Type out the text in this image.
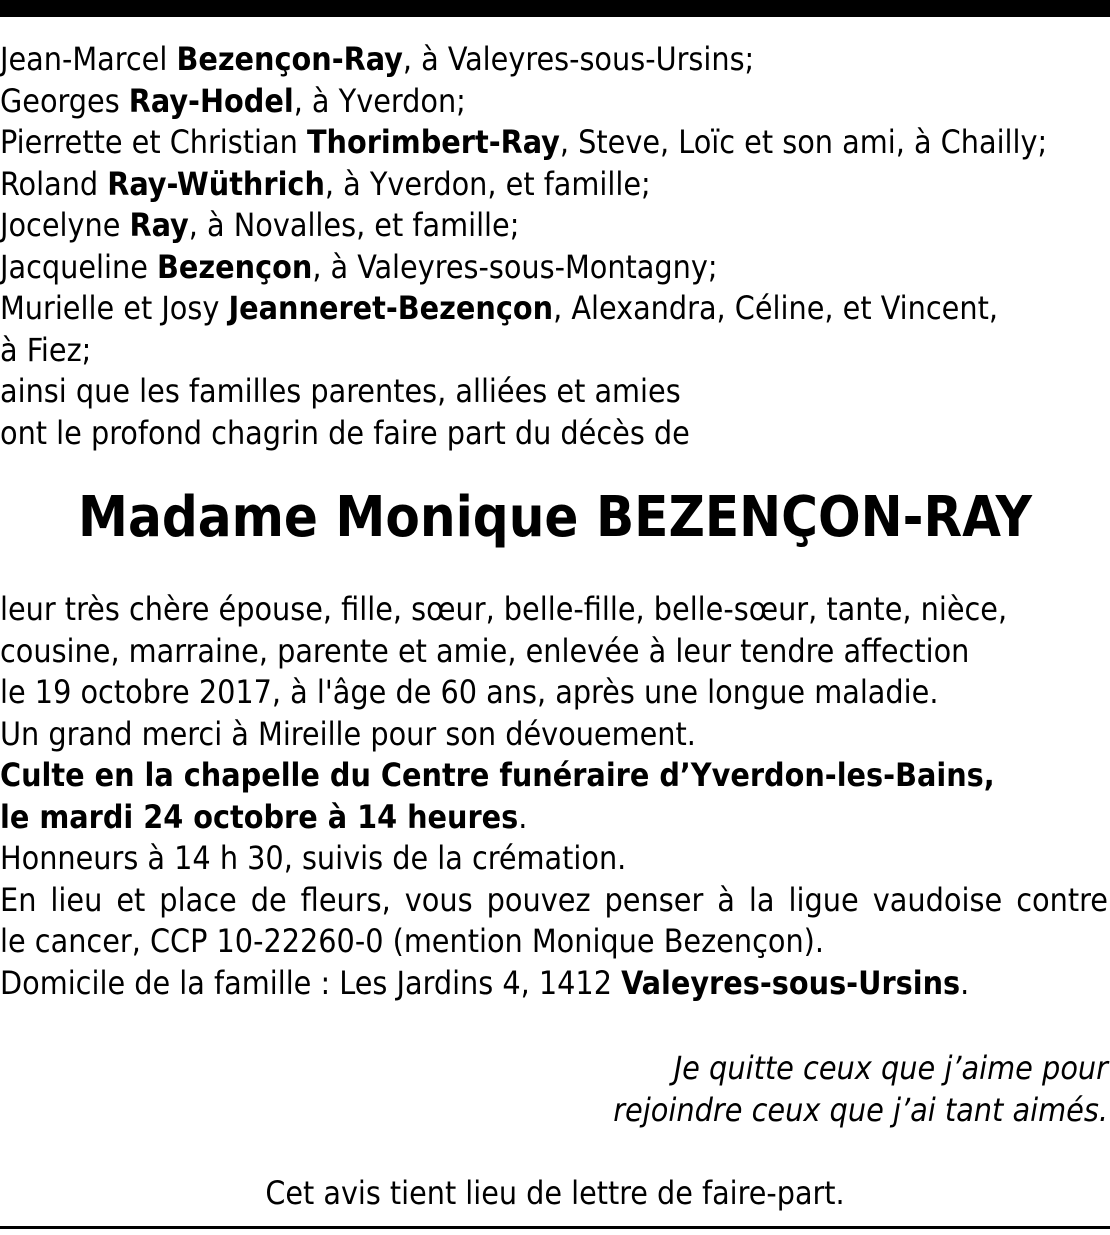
Jean-Marcel Bezençon-Ray, à Valeyres-sous-Ursins;
Georges Ray-Hodel, à Yverdon;
Pierrette et Christian Thorimbert-Ray, Steve, Loïc et son ami, à Chailly;
Roland Ray-Wüthrich, à Yverdon, et famille;
Jocelyne Ray, à Novalles, et famille;
Jacqueline Bezençon, à Valeyres-sous-Montagny;
Murielle et Josy Jeanneret-Bezençon, Alexandra, Céline, et Vincent,
à Fiez;
ainsi que les familles parentes, alliées et amies
ont le profond chagrin de faire part du décès de
Madame Monique BEZENÇON-RAY
leur très chère épouse, fille, sœur, belle-fille, belle-sœur, tante, nièce,
cousine, marraine, parente et amie, enlevée à leur tendre affection
le 19 octobre 2017, à l'âge de 60 ans, après une longue maladie.
Un grand merci à Mireille pour son dévouement.
Culte en la chapelle du Centre funéraire d’Yverdon-les-Bains,
le mardi 24 octobre à 14 heures.
Honneurs à 14 h 30, suivis de la crémation.
En lieu et place de fleurs, vous pouvez penser à la ligue vaudoise contre
le cancer, CCP 10-22260-0 (mention Monique Bezençon).
Domicile de la famille : Les Jardins 4, 1412 Valeyres-sous-Ursins.
Je quitte ceux que j’aime pour
rejoindre ceux que j’ai tant aimés.
Cet avis tient lieu de lettre de faire-part.
